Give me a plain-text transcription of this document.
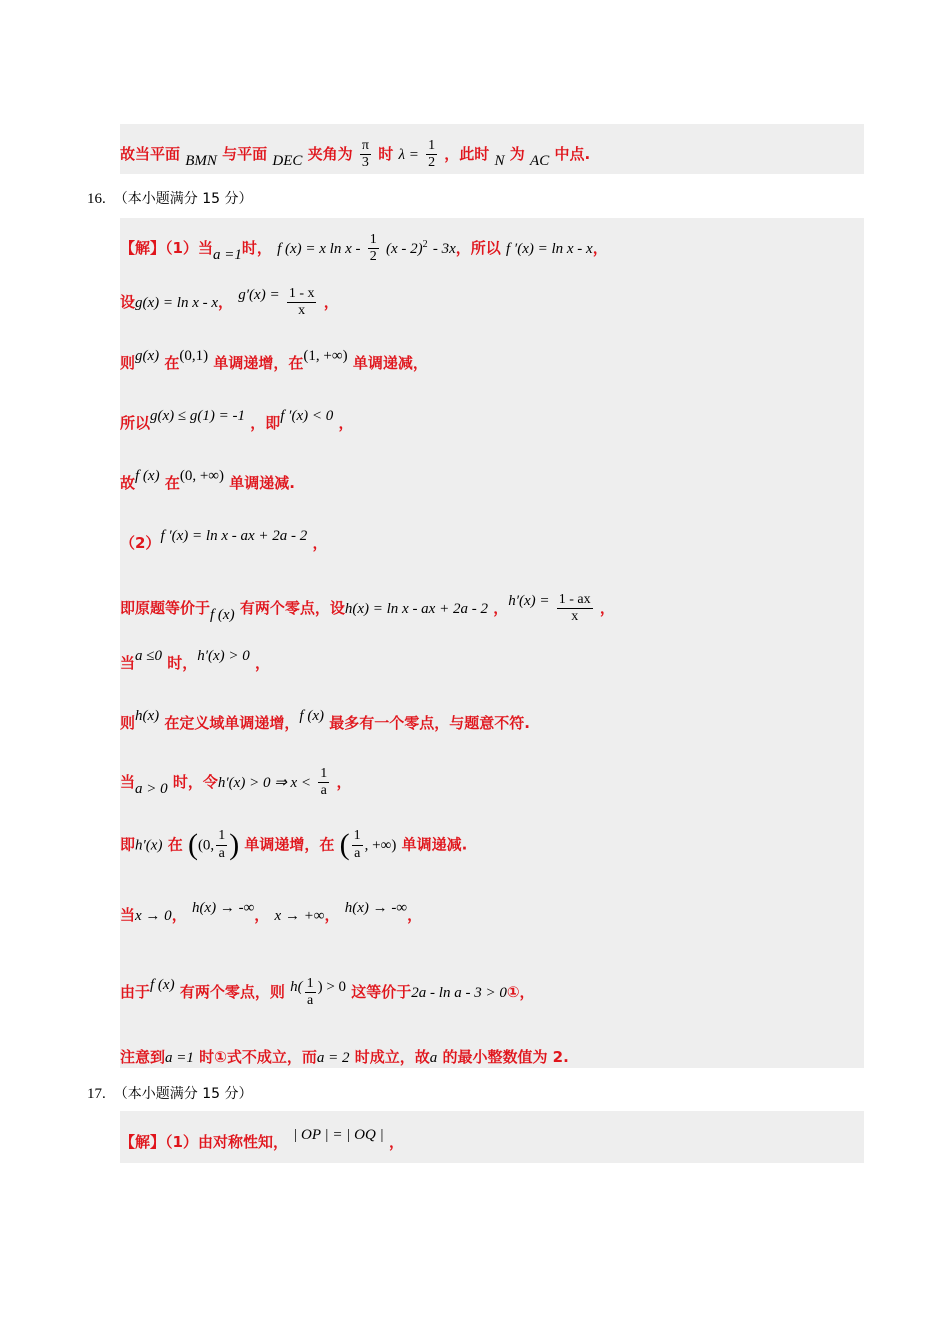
故当平面 BMN 与平面 DEC 夹角为 $\frac{\pi}{3}$ 时 $\lambda = \frac{1}{2}$ ，此时 N 为 AC 中点.
16. （本小题满分 15 分）
【解】（1）当a =1时， f (x) = x ln x - $\frac{1}{2} (x - 2)^2 - 3x$，所以 f ′(x) = ln x - x，
设g(x) = ln x - x， $g'(x) = \frac{1 - x}{x}$ ，
则g(x) 在(0,1) 单调递增，在(1, +∞) 单调递减，
所以g(x) ≤ g(1) = -1 ，即f ′(x) < 0 ，
故f (x) 在(0, +∞) 单调递减.
（2）f ′(x) = ln x - ax + 2a - 2 ，
即原题等价于f (x) 有两个零点，设h(x) = ln x - ax + 2a - 2 ，$h'(x) = \frac{1 - ax}{x}$ ，
当a ≤0 时，h′(x) > 0 ，
则h(x) 在定义域单调递增，f (x) 最多有一个零点，与题意不符.
当a > 0 时，令h′(x) > 0 ⇒ $x < \frac{1}{a}$ ，
即h′(x) 在 ((0, $\frac{1}{a}$ ) 单调递增，在 ( $\frac{1}{a}$ , +∞) 单调递减.
当x → 0， h(x) → -∞， x → +∞， h(x) → -∞，
由于f (x) 有两个零点，则 $h( \frac{1}{a}$ ) > 0 这等价于2a - ln a - 3 > 0①，
注意到a =1 时①式不成立，而a = 2 时成立，故a 的最小整数值为 2.
17. （本小题满分 15 分）
【解】（1）由对称性知， | OP | = | OQ | ，
